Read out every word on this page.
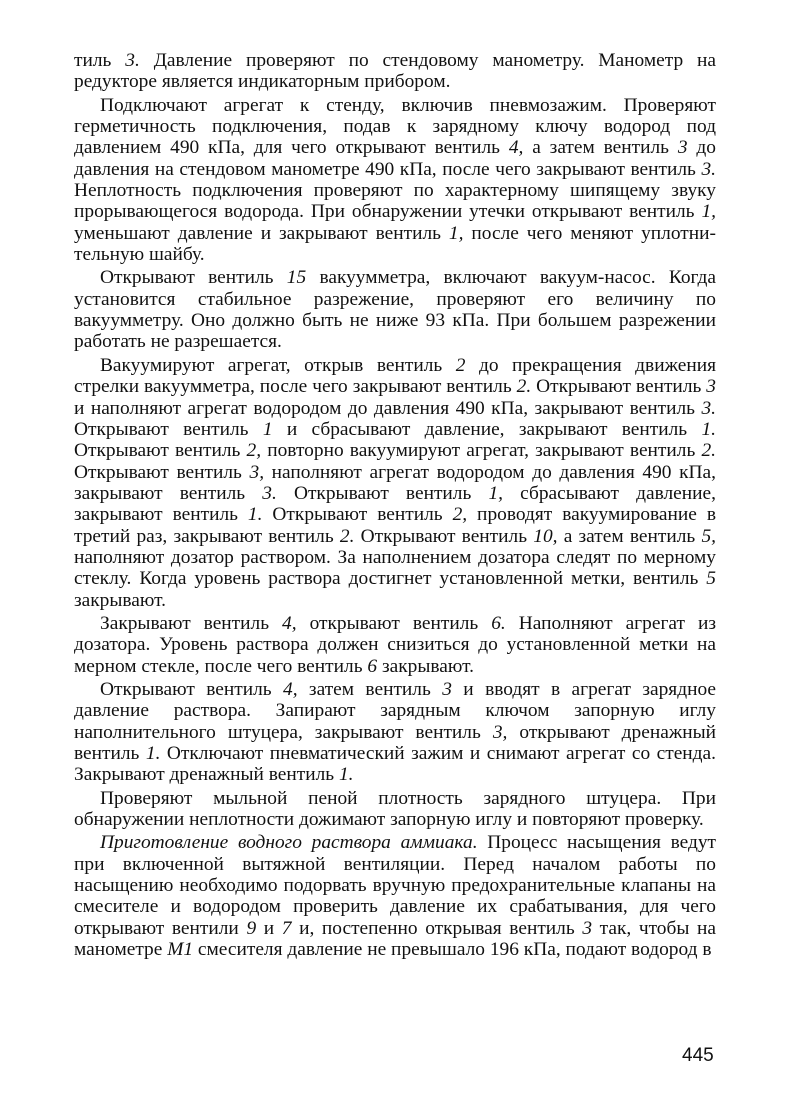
тиль 3. Давление проверяют по стендовому манометру. Манометр на редукторе является индикаторным прибором.

Подключают агрегат к стенду, включив пневмозажим. Проверяют герметичность подключения, подав к зарядному ключу водород под давлением 490 кПа, для чего открывают вентиль 4, а затем вентиль 3 до давления на стендовом манометре 490 кПа, после чего закрывают вентиль 3. Неплотность подключения проверяют по характерному шипящему звуку прорывающегося водорода. При обнаружении утечки открывают вентиль 1, уменьшают давление и закрывают вентиль 1, после чего меняют уплотнительную шайбу.

Открывают вентиль 15 вакуумметра, включают вакуум-насос. Когда установится стабильное разрежение, проверяют его величину по вакуумметру. Оно должно быть не ниже 93 кПа. При большем разрежении работать не разрешается.

Вакуумируют агрегат, открыв вентиль 2 до прекращения движения стрелки вакуумметра, после чего закрывают вентиль 2. Открывают вентиль 3 и наполняют агрегат водородом до давления 490 кПа, закрывают вентиль 3. Открывают вентиль 1 и сбрасывают давление, закрывают вентиль 1. Открывают вентиль 2, повторно вакуумируют агрегат, закрывают вентиль 2. Открывают вентиль 3, наполняют агрегат водородом до давления 490 кПа, закрывают вентиль 3. Открывают вентиль 1, сбрасывают давление, закрывают вентиль 1. Открывают вентиль 2, проводят вакуумирование в третий раз, закрывают вентиль 2. Открывают вентиль 10, а затем вентиль 5, наполняют дозатор раствором. За наполнением дозатора следят по мерному стеклу. Когда уровень раствора достигнет установленной метки, вентиль 5 закрывают.

Закрывают вентиль 4, открывают вентиль 6. Наполняют агрегат из дозатора. Уровень раствора должен снизиться до установленной метки на мерном стекле, после чего вентиль 6 закрывают.

Открывают вентиль 4, затем вентиль 3 и вводят в агрегат зарядное давление раствора. Запирают зарядным ключом запорную иглу наполнительного штуцера, закрывают вентиль 3, открывают дренажный вентиль 1. Отключают пневматический зажим и снимают агрегат со стенда. Закрывают дренажный вентиль 1.

Проверяют мыльной пеной плотность зарядного штуцера. При обнаружении неплотности дожимают запорную иглу и повторяют проверку.

Приготовление водного раствора аммиака. Процесс насыщения ведут при включенной вытяжной вентиляции. Перед началом работы по насыщению необходимо подорвать вручную предохранительные клапаны на смесителе и водородом проверить давление их срабатывания, для чего открывают вентили 9 и 7 и, постепенно открывая вентиль 3 так, чтобы на манометре M1 смесителя давление не превышало 196 кПа, подают водород в

445
